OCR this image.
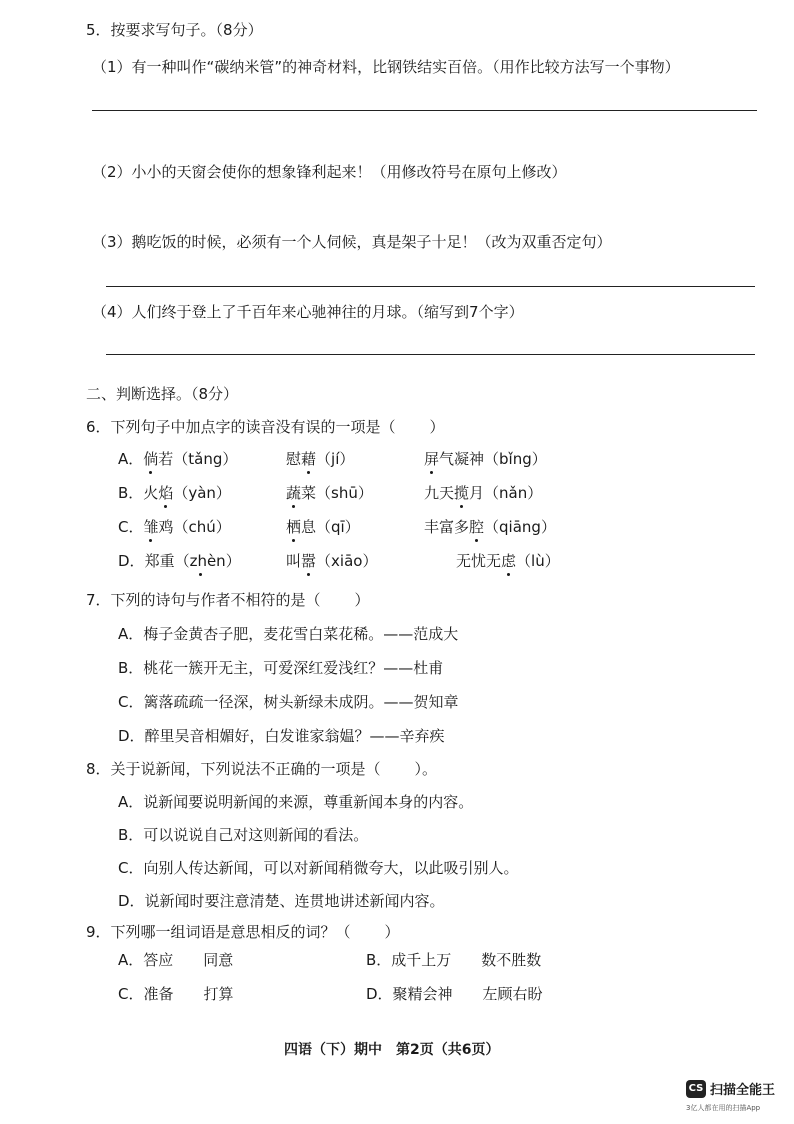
5．按要求写句子。（8分）
（1）有一种叫作“碳纳米管”的神奇材料，比钢铁结实百倍。（用作比较方法写一个事物）
（2）小小的天窗会使你的想象锋利起来！（用修改符号在原句上修改）
（3）鹅吃饭的时候，必须有一个人伺候，真是架子十足！（改为双重否定句）
（4）人们终于登上了千百年来心驰神往的月球。（缩写到7个字）
二、判断选择。（8分）
6．下列句子中加点字的读音没有误的一项是（ ）
A．倘若（tǎng）	慰藉（jí）	屏气凝神（bǐng）
B．火焰（yàn）	蔬菜（shū）	九天揽月（nǎn）
C．雏鸡（chú）	栖息（qī）	丰富多腔（qiāng）
D．郑重（zhèn）	叫嚣（xiāo）	无忧无虑（lù）
7．下列的诗句与作者不相符的是（ ）
A．梅子金黄杏子肥，麦花雪白菜花稀。——范成大
B．桃花一簇开无主，可爱深红爱浅红？——杜甫
C．篱落疏疏一径深，树头新绿未成阴。——贺知章
D．醉里吴音相媚好，白发谁家翁媪？——辛弃疾
8．关于说新闻，下列说法不正确的一项是（ ）。
A．说新闻要说明新闻的来源，尊重新闻本身的内容。
B．可以说说自己对这则新闻的看法。
C．向别人传达新闻，可以对新闻稍微夸大，以此吸引别人。
D．说新闻时要注意清楚、连贯地讲述新闻内容。
9．下列哪一组词语是意思相反的词？（ ）
A．答应　　同意	B．成千上万　　数不胜数
C．准备　　打算	D．聚精会神　　左顾右盼
四语（下）期中　第2页（共6页）
CS 扫描全能王
3亿人都在用的扫描App
